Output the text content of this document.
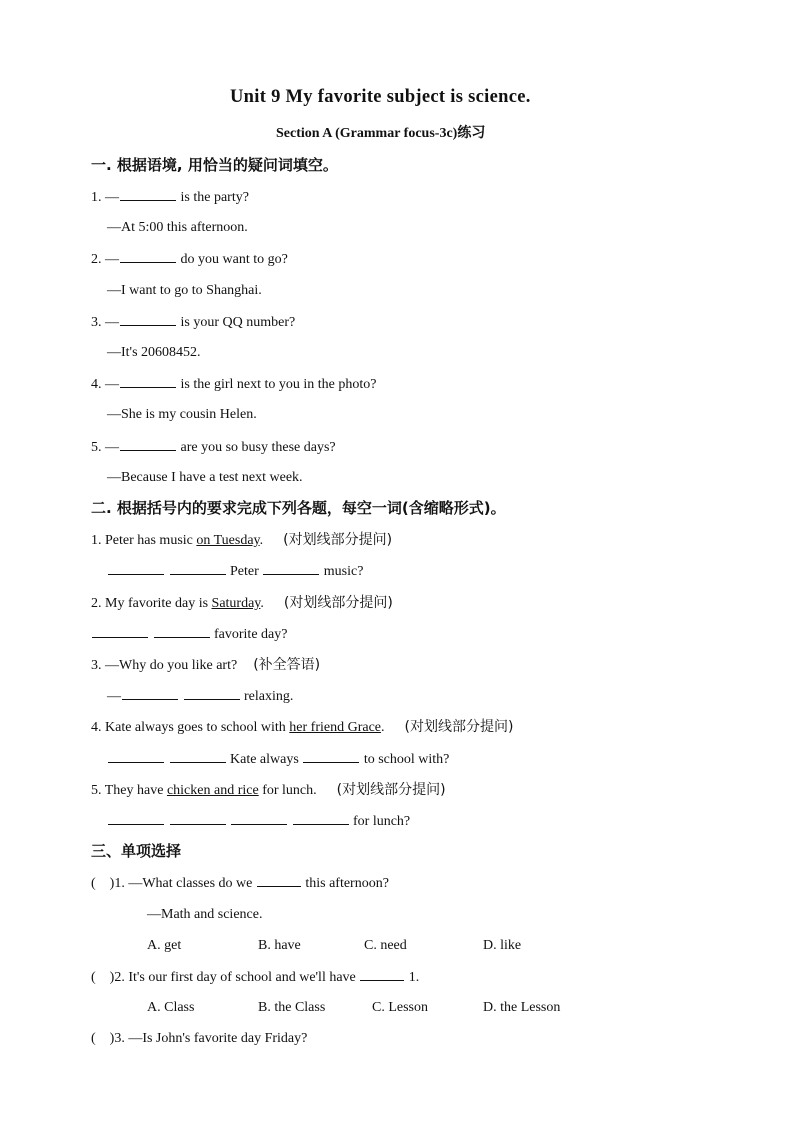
Unit 9 My favorite subject is science.
Section A (Grammar focus-3c)练习
一. 根据语境, 用恰当的疑问词填空。
1. —	is the party?
—At 5:00 this afternoon.
2. —	do you want to go?
—I want to go to Shanghai.
3. —	is your QQ number?
—It's 20608452.
4. —	is the girl next to you in the photo?
—She is my cousin Helen.
5. —	are you so busy these days?
—Because I have a test next week.
二. 根据括号内的要求完成下列各题，每空一词(含缩略形式)。
1. Peter has music on Tuesday. (对划线部分提问)
Peter	music?
2. My favorite day is Saturday. (对划线部分提问)
favorite day?
3. —Why do you like art? (补全答语)
—	relaxing.
4. Kate always goes to school with her friend Grace. (对划线部分提问)
Kate always	to school with?
5. They have chicken and rice for lunch. (对划线部分提问)
for lunch?
三、单项选择
(    )1. —What classes do we	this afternoon?
—Math and science.
A. get	B. have	C. need	D. like
(    )2. It's our first day of school and we'll have	1.
A. Class	B. the Class	C. Lesson	D. the Lesson
(    )3. —Is John's favorite day Friday?
